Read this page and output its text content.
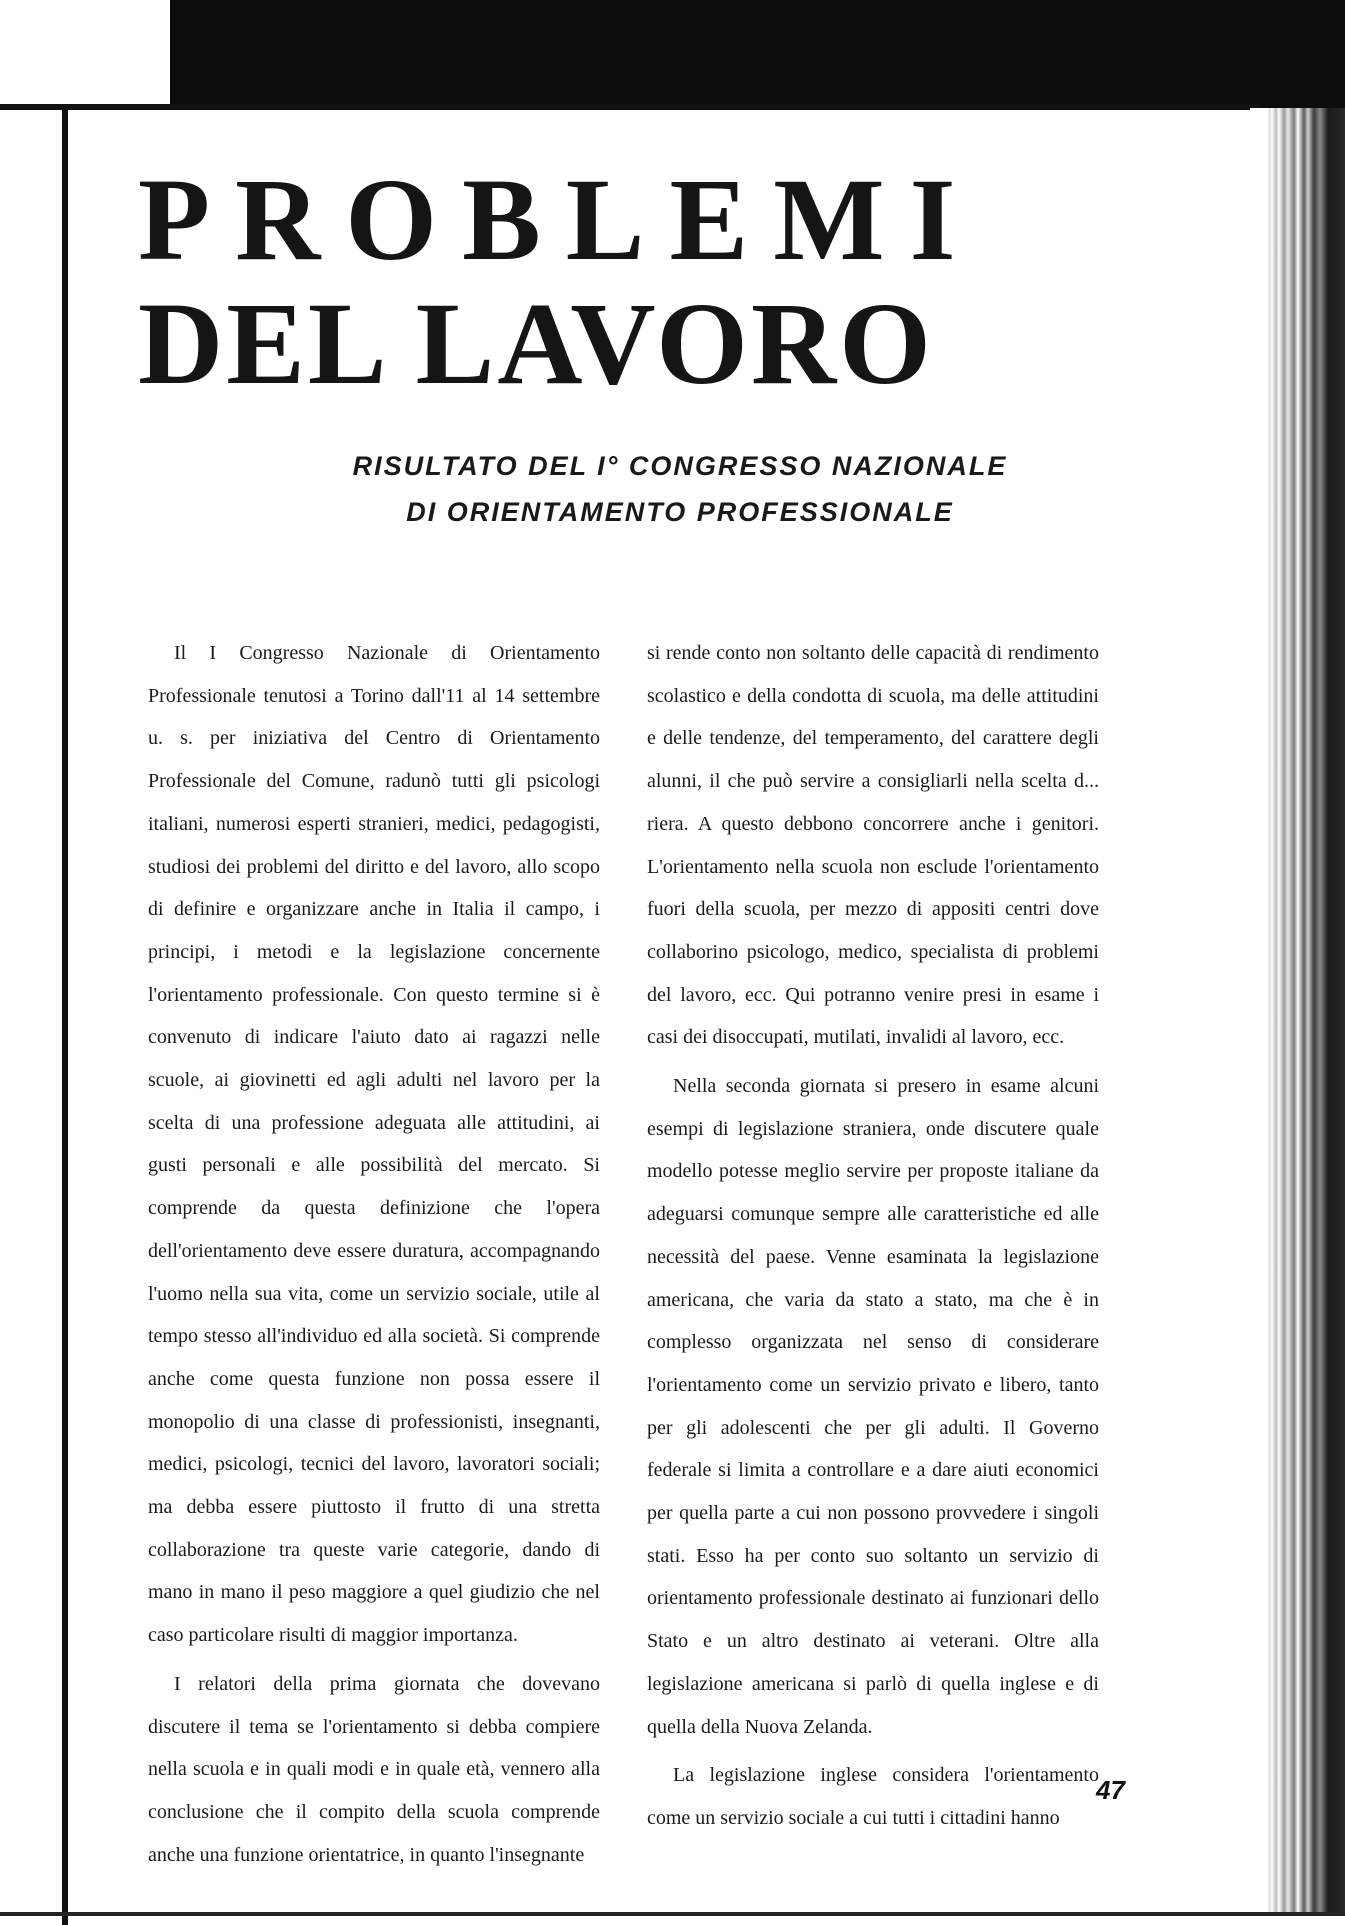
PROBLEMI
DEL LAVORO
RISULTATO DEL I° CONGRESSO NAZIONALE
DI ORIENTAMENTO PROFESSIONALE

Il I Congresso Nazionale di Orientamento Professionale tenutosi a Torino dall'11 al 14 settembre u. s. per iniziativa del Centro di Orientamento Professionale del Comune, radunò tutti gli psicologi italiani, numerosi esperti stranieri, medici, pedagogisti, studiosi dei problemi del diritto e del lavoro, allo scopo di definire e organizzare anche in Italia il campo, i principi, i metodi e la legislazione concernente l'orientamento professionale. Con questo termine si è convenuto di indicare l'aiuto dato ai ragazzi nelle scuole, ai giovinetti ed agli adulti nel lavoro per la scelta di una professione adeguata alle attitudini, ai gusti personali e alle possibilità del mercato. Si comprende da questa definizione che l'opera dell'orientamento deve essere duratura, accompagnando l'uomo nella sua vita, come un servizio sociale, utile al tempo stesso all'individuo ed alla società. Si comprende anche come questa funzione non possa essere il monopolio di una classe di professionisti, insegnanti, medici, psicologi, tecnici del lavoro, lavoratori sociali; ma debba essere piuttosto il frutto di una stretta collaborazione tra queste varie categorie, dando di mano in mano il peso maggiore a quel giudizio che nel caso particolare risulti di maggior importanza.

I relatori della prima giornata che dovevano discutere il tema se l'orientamento si debba compiere nella scuola e in quali modi e in quale età, vennero alla conclusione che il compito della scuola comprende anche una funzione orientatrice, in quanto l'insegnante

si rende conto non soltanto delle capacità di rendimento scolastico e della condotta di scuola, ma delle attitudini e delle tendenze, del temperamento, del carattere degli alunni, il che può servire a consigliarli nella scelta d... riera. A questo debbono concorrere anche i genitori. L'orientamento nella scuola non esclude l'orientamento fuori della scuola, per mezzo di appositi centri dove collaborino psicologo, medico, specialista di problemi del lavoro, ecc. Qui potranno venire presi in esame i casi dei disoccupati, mutilati, invalidi al lavoro, ecc.

Nella seconda giornata si presero in esame alcuni esempi di legislazione straniera, onde discutere quale modello potesse meglio servire per proposte italiane da adeguarsi comunque sempre alle caratteristiche ed alle necessità del paese. Venne esaminata la legislazione americana, che varia da stato a stato, ma che è in complesso organizzata nel senso di considerare l'orientamento come un servizio privato e libero, tanto per gli adolescenti che per gli adulti. Il Governo federale si limita a controllare e a dare aiuti economici per quella parte a cui non possono provvedere i singoli stati. Esso ha per conto suo soltanto un servizio di orientamento professionale destinato ai funzionari dello Stato e un altro destinato ai veterani. Oltre alla legislazione americana si parlò di quella inglese e di quella della Nuova Zelanda.

La legislazione inglese considera l'orientamento come un servizio sociale a cui tutti i cittadini hanno

47
